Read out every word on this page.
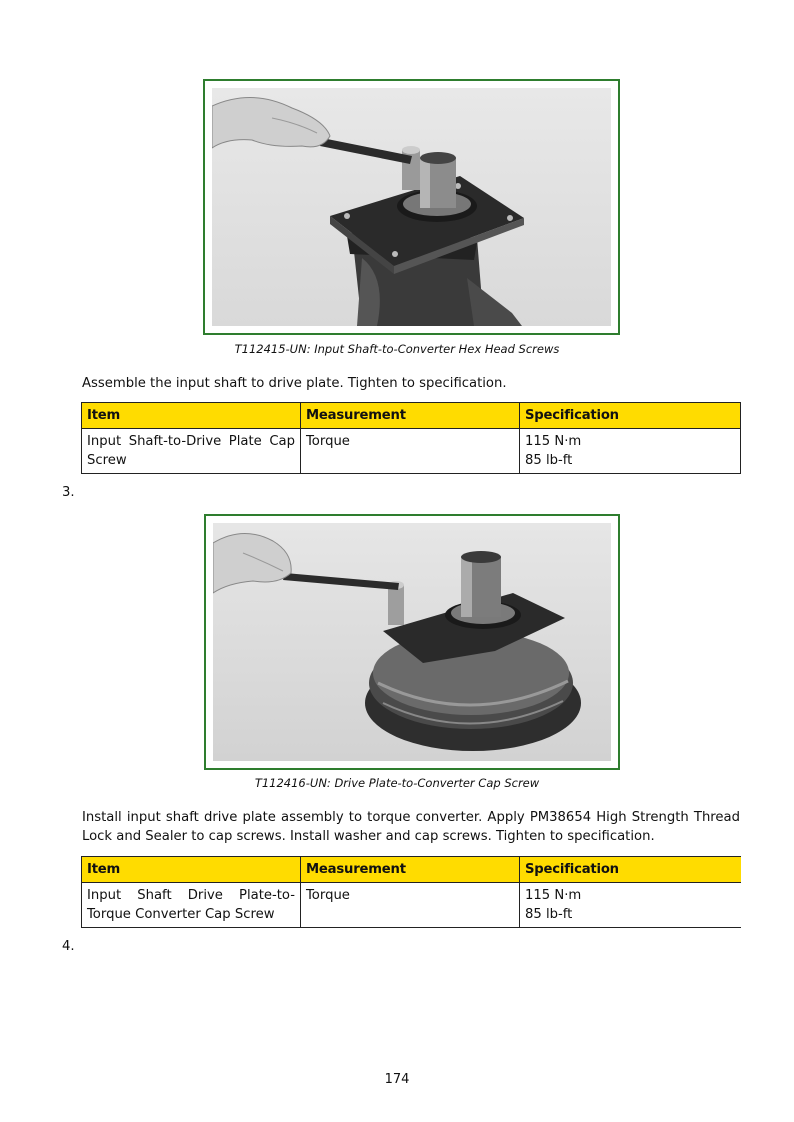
T112415-UN: Input Shaft-to-Converter Hex Head Screws
Assemble the input shaft to drive plate. Tighten to specification.
Item	Measurement	Specification
Input Shaft-to-Drive Plate Cap Screw	Torque	115 N·m
85 lb-ft
3.
T112416-UN: Drive Plate-to-Converter Cap Screw
Install input shaft drive plate assembly to torque converter. Apply PM38654 High Strength Thread Lock and Sealer to cap screws. Install washer and cap screws. Tighten to specification.
Item	Measurement	Specification
Input Shaft Drive Plate-to-Torque Converter Cap Screw	Torque	115 N·m
85 lb-ft
4.
174
